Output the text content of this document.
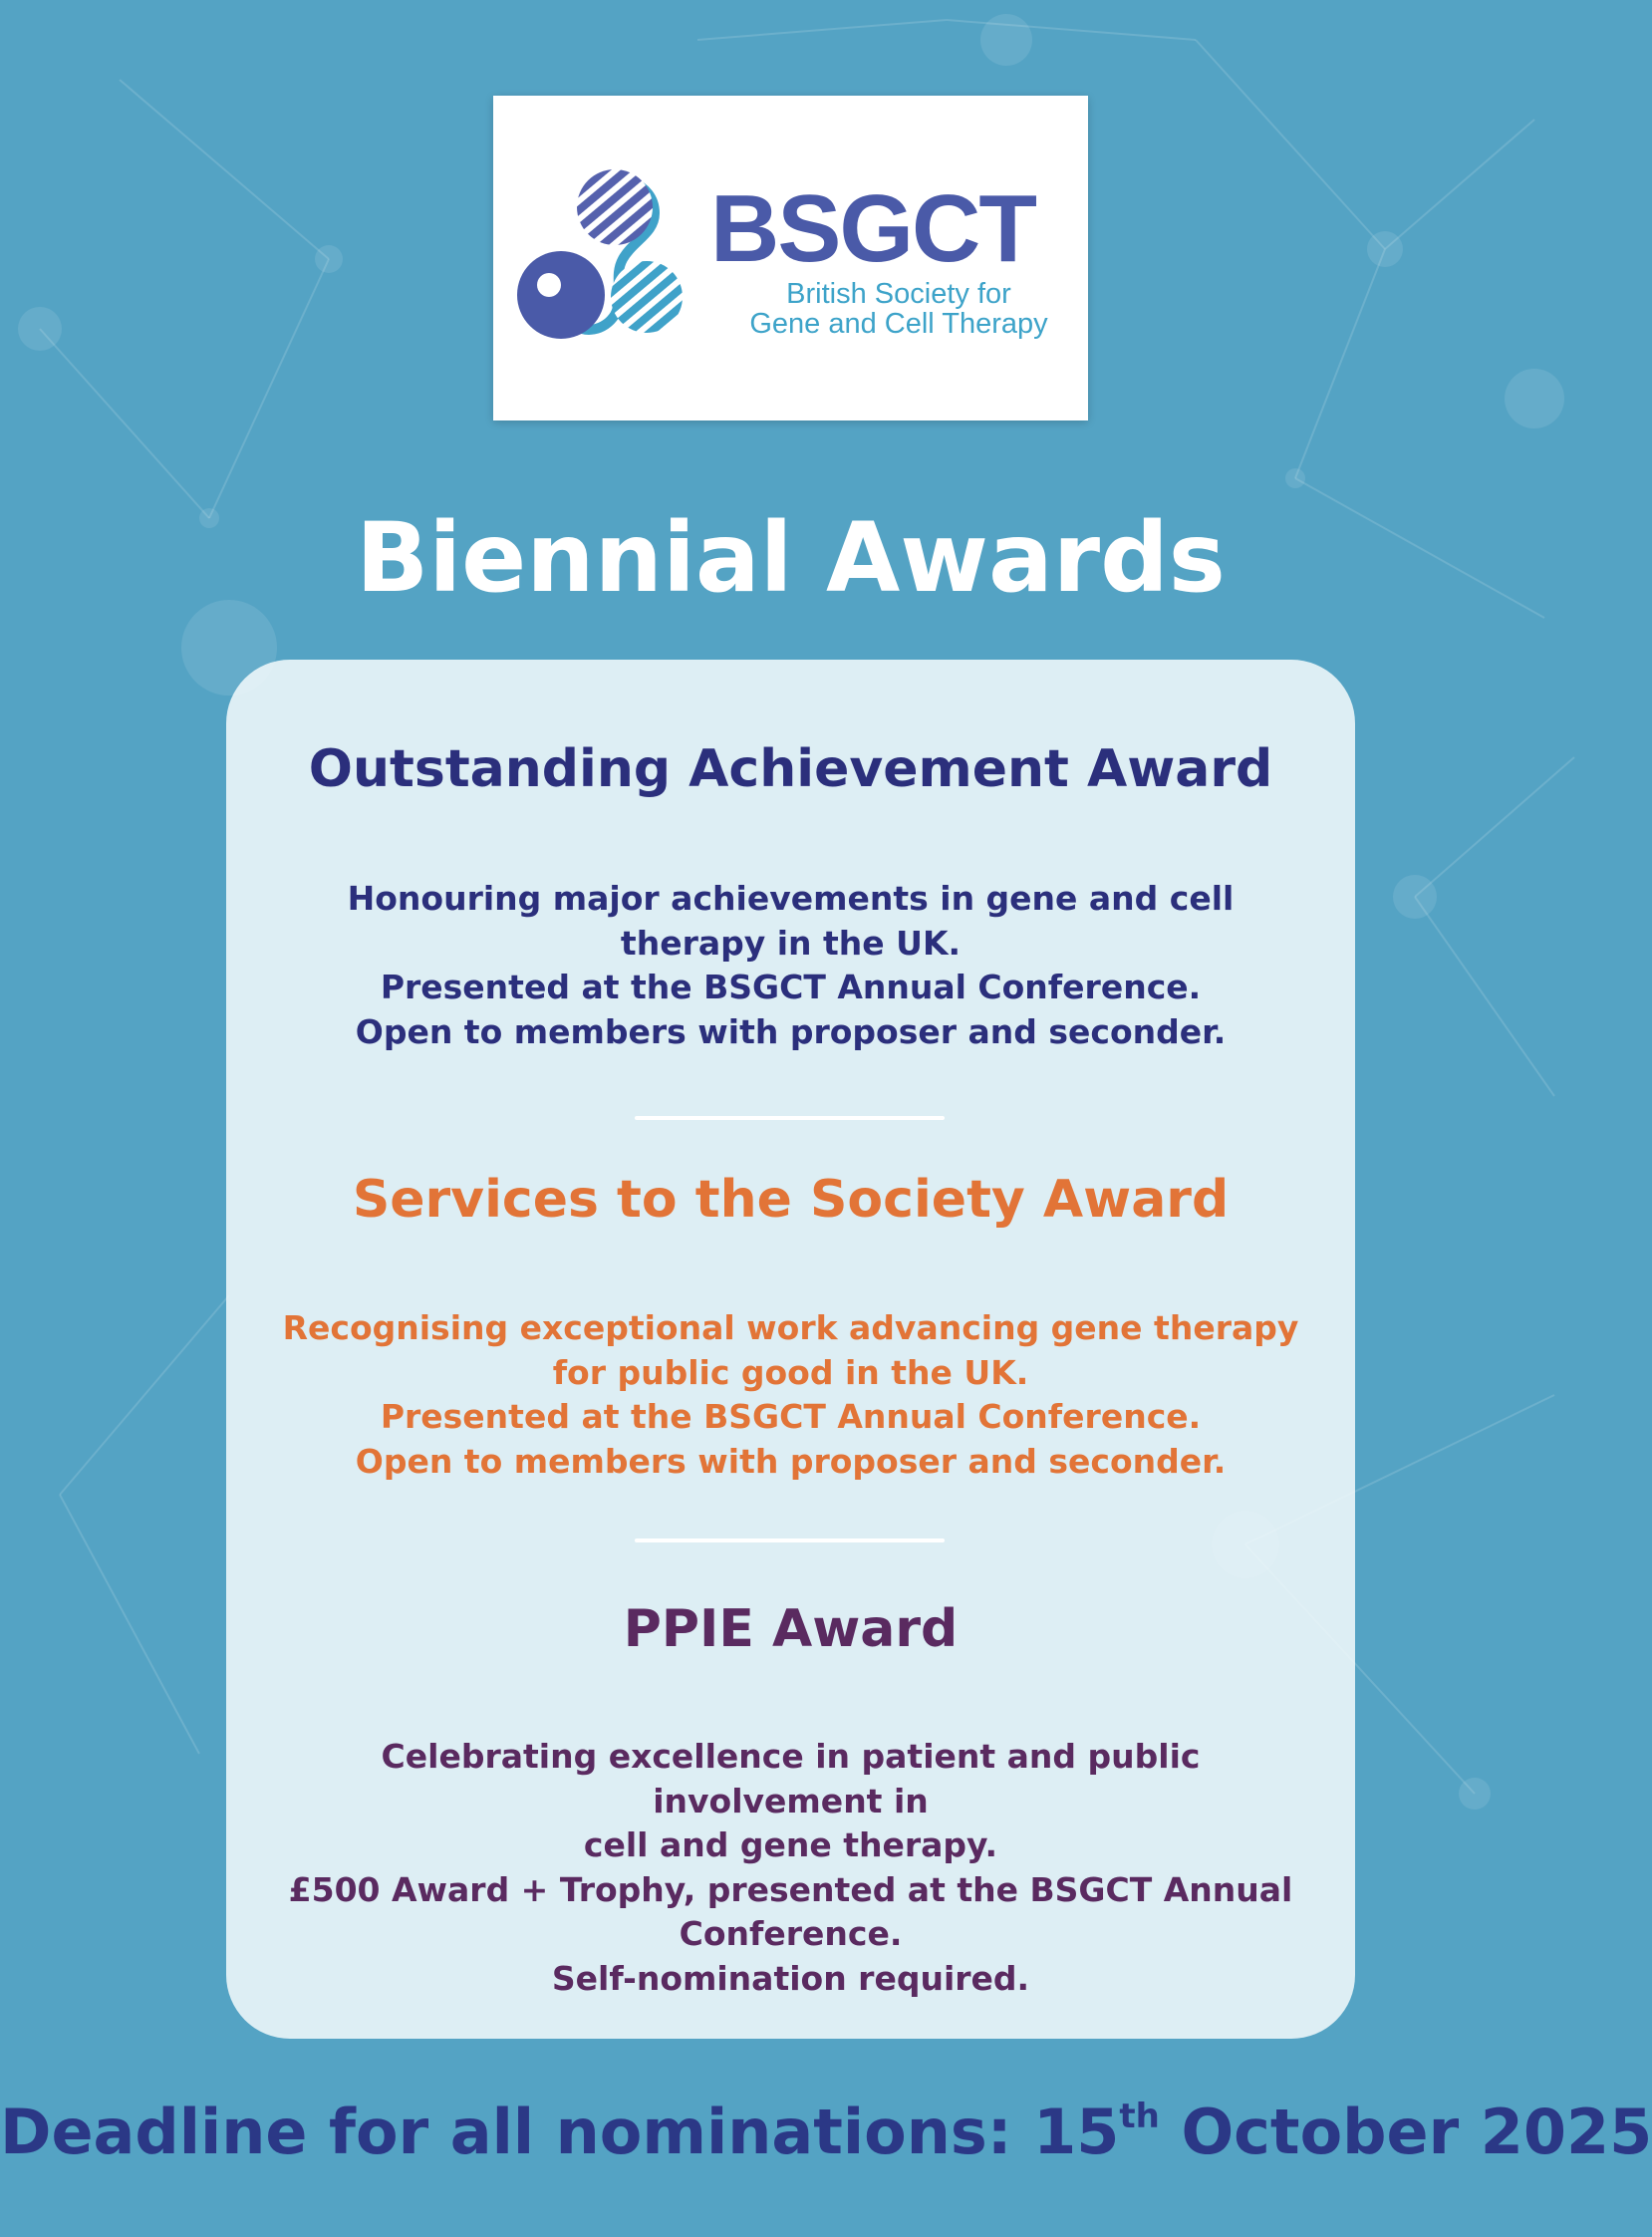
BSGCT
British Society for
Gene and Cell Therapy
Biennial Awards
Outstanding Achievement Award
Honouring major achievements in gene and cell
therapy in the UK.
Presented at the BSGCT Annual Conference.
Open to members with proposer and seconder.
Services to the Society Award
Recognising exceptional work advancing gene therapy
for public good in the UK.
Presented at the BSGCT Annual Conference.
Open to members with proposer and seconder.
PPIE Award
Celebrating excellence in patient and public involvement in
cell and gene therapy.
£500 Award + Trophy, presented at the BSGCT Annual
Conference.
Self-nomination required.
Deadline for all nominations: 15th October 2025
